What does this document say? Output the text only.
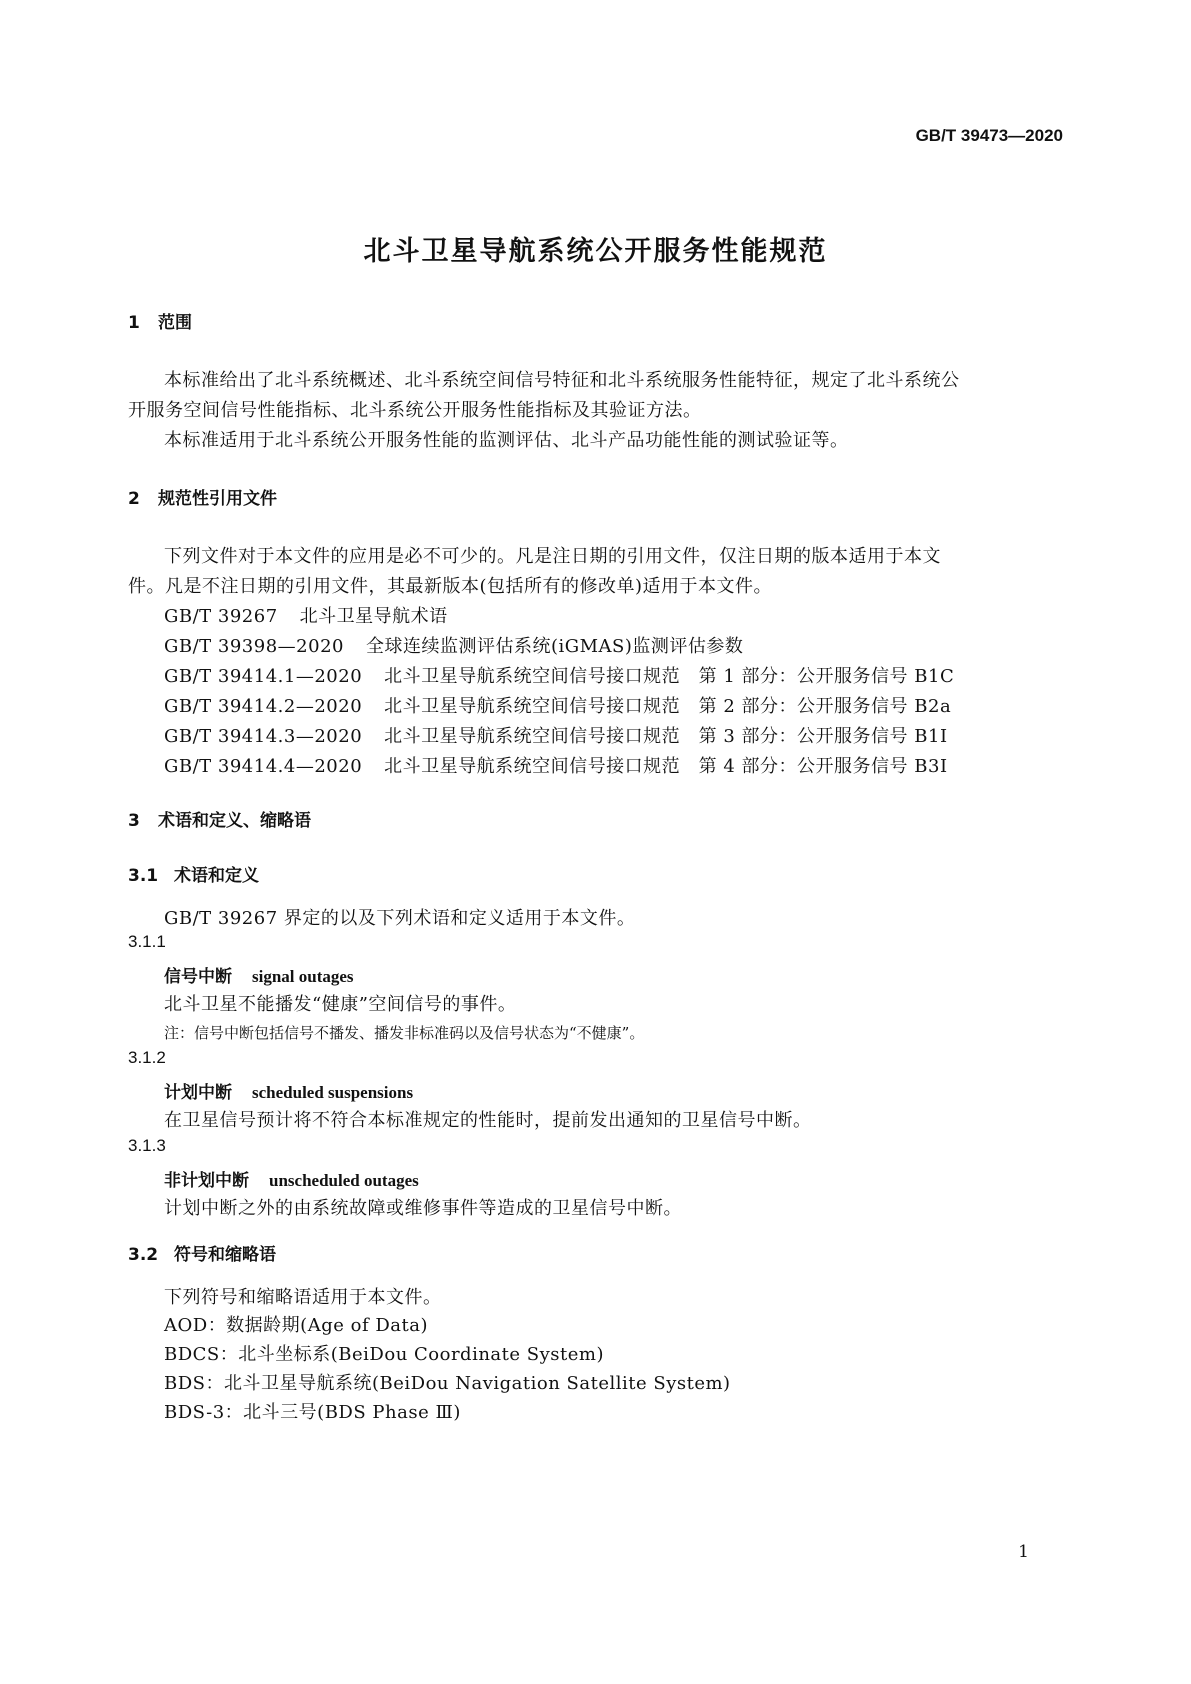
GB/T 39473—2020
北斗卫星导航系统公开服务性能规范
1 范围
本标准给出了北斗系统概述、北斗系统空间信号特征和北斗系统服务性能特征，规定了北斗系统公
开服务空间信号性能指标、北斗系统公开服务性能指标及其验证方法。
本标准适用于北斗系统公开服务性能的监测评估、北斗产品功能性能的测试验证等。
2 规范性引用文件
下列文件对于本文件的应用是必不可少的。凡是注日期的引用文件，仅注日期的版本适用于本文
件。凡是不注日期的引用文件，其最新版本(包括所有的修改单)适用于本文件。
GB/T 39267 北斗卫星导航术语
GB/T 39398—2020 全球连续监测评估系统(iGMAS)监测评估参数
GB/T 39414.1—2020 北斗卫星导航系统空间信号接口规范　第 1 部分：公开服务信号 B1C
GB/T 39414.2—2020 北斗卫星导航系统空间信号接口规范　第 2 部分：公开服务信号 B2a
GB/T 39414.3—2020 北斗卫星导航系统空间信号接口规范　第 3 部分：公开服务信号 B1I
GB/T 39414.4—2020 北斗卫星导航系统空间信号接口规范　第 4 部分：公开服务信号 B3I
3 术语和定义、缩略语
3.1 术语和定义
GB/T 39267 界定的以及下列术语和定义适用于本文件。
3.1.1
信号中断 signal outages
北斗卫星不能播发“健康”空间信号的事件。
注：信号中断包括信号不播发、播发非标准码以及信号状态为“不健康”。
3.1.2
计划中断 scheduled suspensions
在卫星信号预计将不符合本标准规定的性能时，提前发出通知的卫星信号中断。
3.1.3
非计划中断 unscheduled outages
计划中断之外的由系统故障或维修事件等造成的卫星信号中断。
3.2 符号和缩略语
下列符号和缩略语适用于本文件。
AOD：数据龄期(Age of Data)
BDCS：北斗坐标系(BeiDou Coordinate System)
BDS：北斗卫星导航系统(BeiDou Navigation Satellite System)
BDS-3：北斗三号(BDS Phase Ⅲ)
1
